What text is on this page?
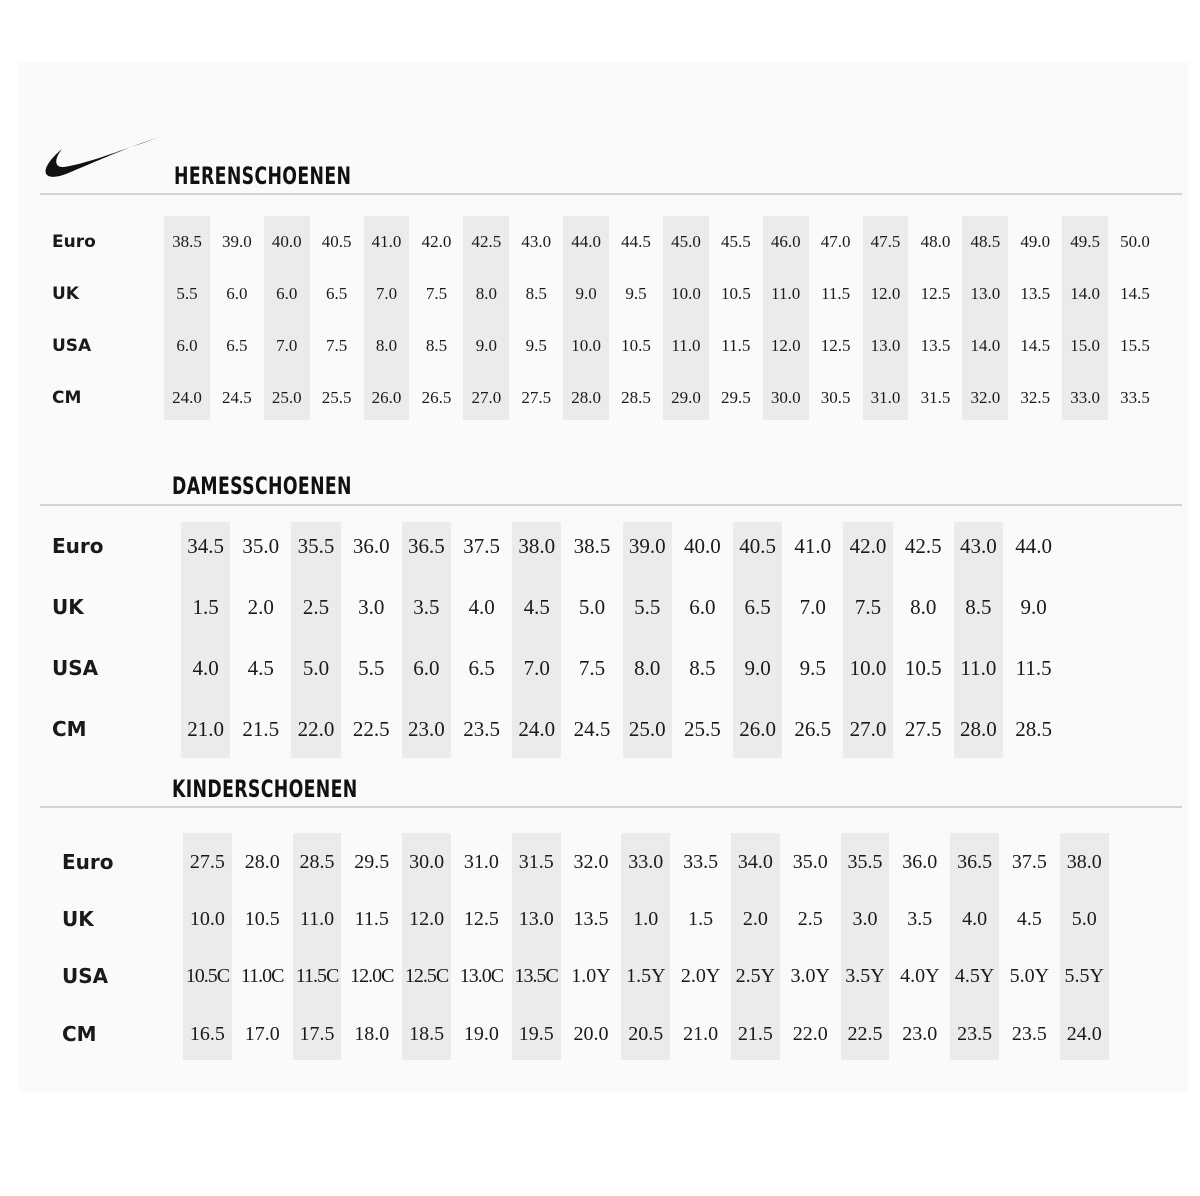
HERENSCHOENEN
Euro	38.5	39.0	40.0	40.5	41.0	42.0	42.5	43.0	44.0	44.5	45.0	45.5	46.0	47.0	47.5	48.0	48.5	49.0	49.5	50.0
UK	5.5	6.0	6.0	6.5	7.0	7.5	8.0	8.5	9.0	9.5	10.0	10.5	11.0	11.5	12.0	12.5	13.0	13.5	14.0	14.5
USA	6.0	6.5	7.0	7.5	8.0	8.5	9.0	9.5	10.0	10.5	11.0	11.5	12.0	12.5	13.0	13.5	14.0	14.5	15.0	15.5
CM	24.0	24.5	25.0	25.5	26.0	26.5	27.0	27.5	28.0	28.5	29.0	29.5	30.0	30.5	31.0	31.5	32.0	32.5	33.0	33.5
DAMESSCHOENEN
Euro	34.5 35.0 35.5 36.0 36.5 37.5 38.0 38.5 39.0 40.0 40.5 41.0 42.0 42.5 43.0 44.0
UK	1.5	2.0	2.5	3.0	3.5	4.0	4.5	5.0	5.5	6.0	6.5	7.0	7.5	8.0	8.5	9.0
USA	4.0	4.5	5.0	5.5	6.0	6.5	7.0	7.5	8.0	8.5	9.0	9.5	10.0 10.5 11.0 11.5
CM	21.0 21.5 22.0 22.5 23.0 23.5 24.0 24.5 25.0 25.5 26.0 26.5 27.0 27.5 28.0 28.5
KINDERSCHOENEN
Euro	27.5 28.0 28.5 29.5 30.0 31.0 31.5 32.0 33.0 33.5 34.0 35.0 35.5 36.0 36.5 37.5 38.0
UK	10.0 10.5	11.0	11.5	12.0 12.5 13.0 13.5	1.0	1.5	2.0	2.5	3.0	3.5	4.0	4.5	5.0
USA	10.5C 11.0C 11.5C 12.0C 12.5C 13.0C 13.5C 1.0Y 1.5Y 2.0Y 2.5Y 3.0Y 3.5Y 4.0Y 4.5Y 5.0Y 5.5Y
CM	16.5 17.0 17.5 18.0 18.5 19.0 19.5 20.0 20.5 21.0 21.5 22.0 22.5 23.0 23.5 23.5 24.0
